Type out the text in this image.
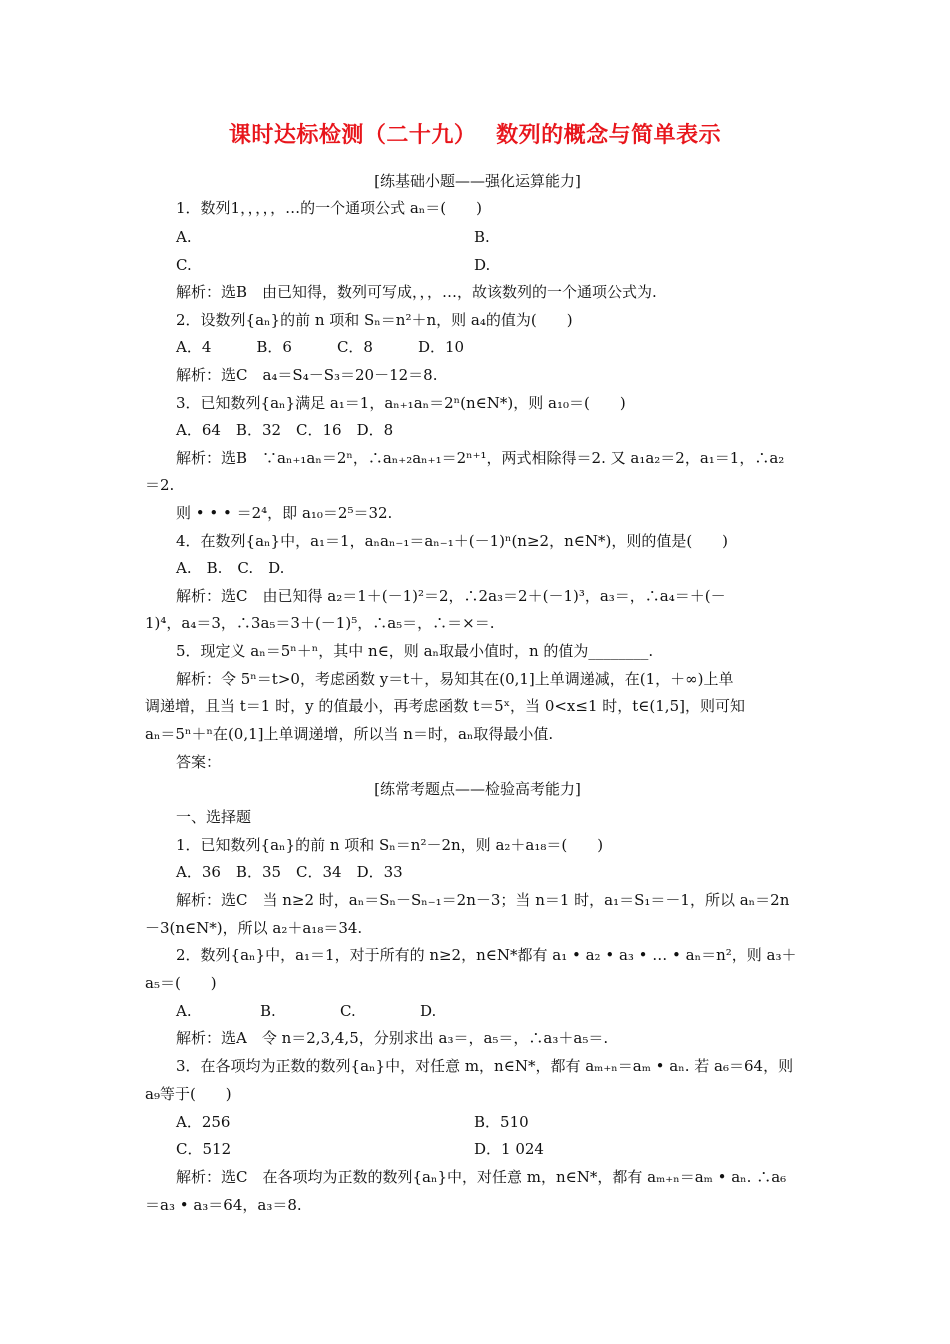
课时达标检测（二十九）　 数列的概念与简单表示
[练基础小题——强化运算能力]
1．数列1，，，，，…的一个通项公式 aₙ＝(　　)
A.	B.
C.	D.
解析：选B　由已知得，数列可写成，，，…，故该数列的一个通项公式为.
2．设数列{aₙ}的前 n 项和 Sₙ＝n²＋n，则 a₄的值为(　　)
A．4　　　B．6　　　C．8　　　D．10
解析：选C　a₄＝S₄－S₃＝20－12＝8.
3．已知数列{aₙ}满足 a₁＝1，aₙ₊₁aₙ＝2ⁿ(n∈N*)，则 a₁₀＝(　　)
A．64　B．32　C．16　D．8
解析：选B　∵aₙ₊₁aₙ＝2ⁿ，∴aₙ₊₂aₙ₊₁＝2ⁿ⁺¹，两式相除得＝2. 又 a₁a₂＝2，a₁＝1，∴a₂
＝2.
则 • • • ＝2⁴，即 a₁₀＝2⁵＝32.
4．在数列{aₙ}中，a₁＝1，aₙaₙ₋₁＝aₙ₋₁＋(－1)ⁿ(n≥2，n∈N*)，则的值是(　　)
A.　B.　C.　D.
解析：选C　由已知得 a₂＝1＋(－1)²＝2，∴2a₃＝2＋(－1)³，a₃＝，∴a₄＝＋(－
1)⁴，a₄＝3，∴3a₅＝3＋(－1)⁵，∴a₅＝，∴＝×＝.
5．现定义 aₙ＝5ⁿ＋ⁿ，其中 n∈，则 aₙ取最小值时，n 的值为________.
解析：令 5ⁿ＝t>0，考虑函数 y＝t＋，易知其在(0,1]上单调递减，在(1，＋∞)上单
调递增，且当 t＝1 时，y 的值最小，再考虑函数 t＝5ˣ，当 0<x≤1 时，t∈(1,5]，则可知
aₙ＝5ⁿ＋ⁿ在(0,1]上单调递增，所以当 n＝时，aₙ取得最小值.
答案：
[练常考题点——检验高考能力]
一、选择题
1．已知数列{aₙ}的前 n 项和 Sₙ＝n²－2n，则 a₂＋a₁₈＝(　　)
A．36　B．35　C．34　D．33
解析：选C　当 n≥2 时，aₙ＝Sₙ－Sₙ₋₁＝2n－3；当 n＝1 时，a₁＝S₁＝－1，所以 aₙ＝2n
－3(n∈N*)，所以 a₂＋a₁₈＝34.
2．数列{aₙ}中，a₁＝1，对于所有的 n≥2，n∈N*都有 a₁ • a₂ • a₃ • … • aₙ＝n²，则 a₃＋
a₅＝(　　)
A.	B.	C.	D.
解析：选A　令 n＝2,3,4,5，分别求出 a₃＝，a₅＝，∴a₃＋a₅＝.
3．在各项均为正数的数列{aₙ}中，对任意 m，n∈N*，都有 aₘ₊ₙ＝aₘ • aₙ. 若 a₆＝64，则
a₉等于(　　)
A．256	B．510
C．512	D．1 024
解析：选C　在各项均为正数的数列{aₙ}中，对任意 m，n∈N*，都有 aₘ₊ₙ＝aₘ • aₙ. ∴a₆
＝a₃ • a₃＝64，a₃＝8.
